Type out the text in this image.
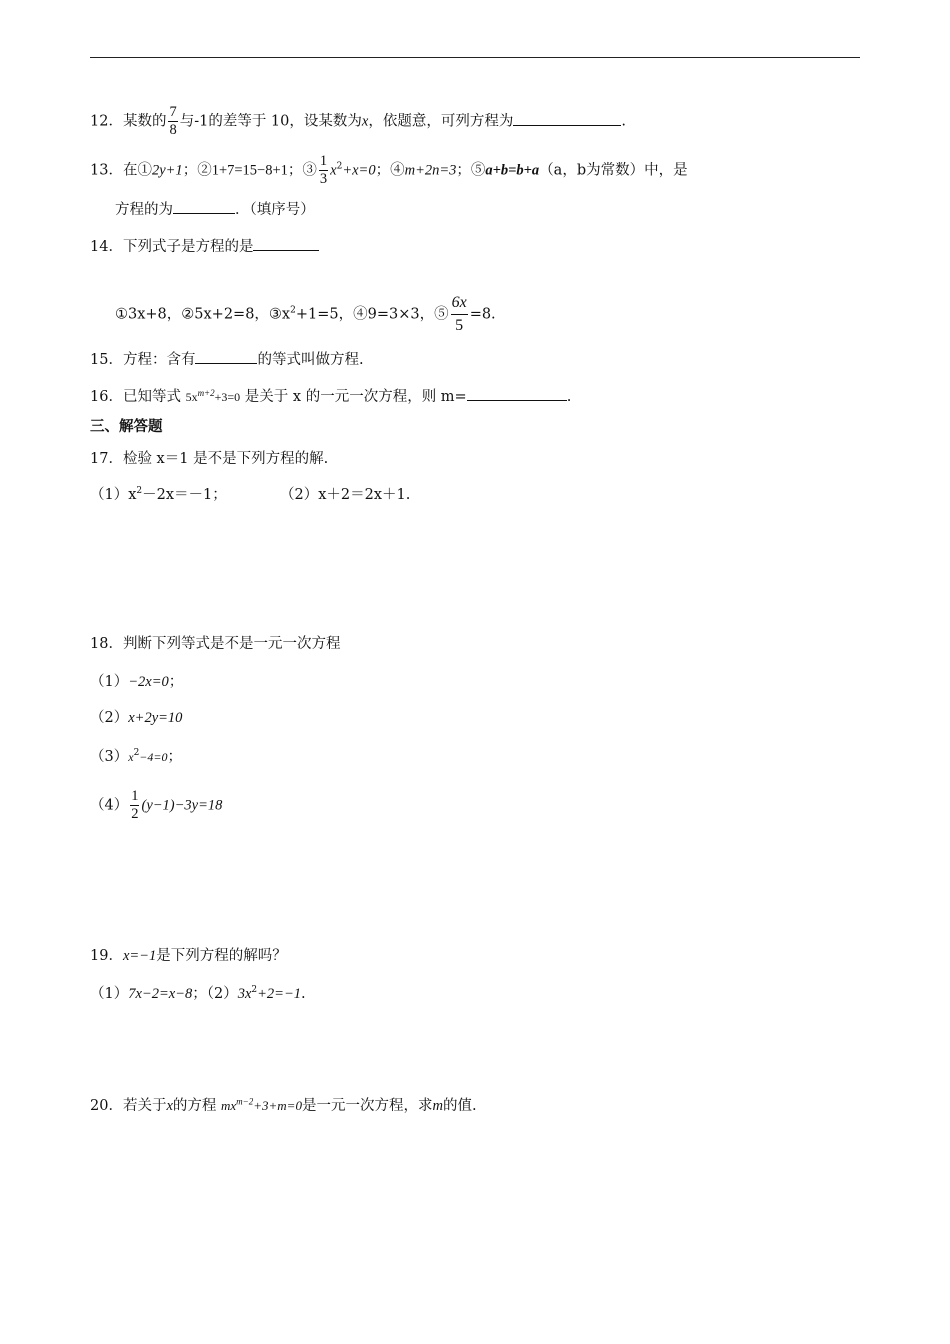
12．某数的 $\frac{7}{8}$ 与-1的差等于 10，设某数为x，依题意，可列方程为	.
13．在①2y+1；②1+7=15−8+1；③ $\frac{1}{3} x^2+x=0$；④m+2n=3；⑤a+b=b+a（a，b为常数）中，是
方程的为	．（填序号）
14．下列式子是方程的是
①3x+8，②5x+2=8，$③x^2+1=5$，④9=3×3，⑤ $\frac{6x}{5} =8$.
15．方程：含有	的等式叫做方程.
16．已知等式 $5x^{m+2}+3=0$ 是关于 x 的一元一次方程，则 m=	.
三、解答题
17．检验 x＝1 是不是下列方程的解.
$(1)x^2-2x=-1$；	（2）x＋2＝2x＋1.
18．判断下列等式是不是一元一次方程
（1）−2x=0；
（2）x+2y=10
$(3)x^2-4=0$；
$(4) \frac{1}{2} (y-1)-3y=18$
19．x=−1是下列方程的解吗？
（1）7x−2=x−8；$(2)3x^2+2=-1$.
20．若关于x的方程 $mx^{m-2}+3+m=0$是一元一次方程，求m的值.
